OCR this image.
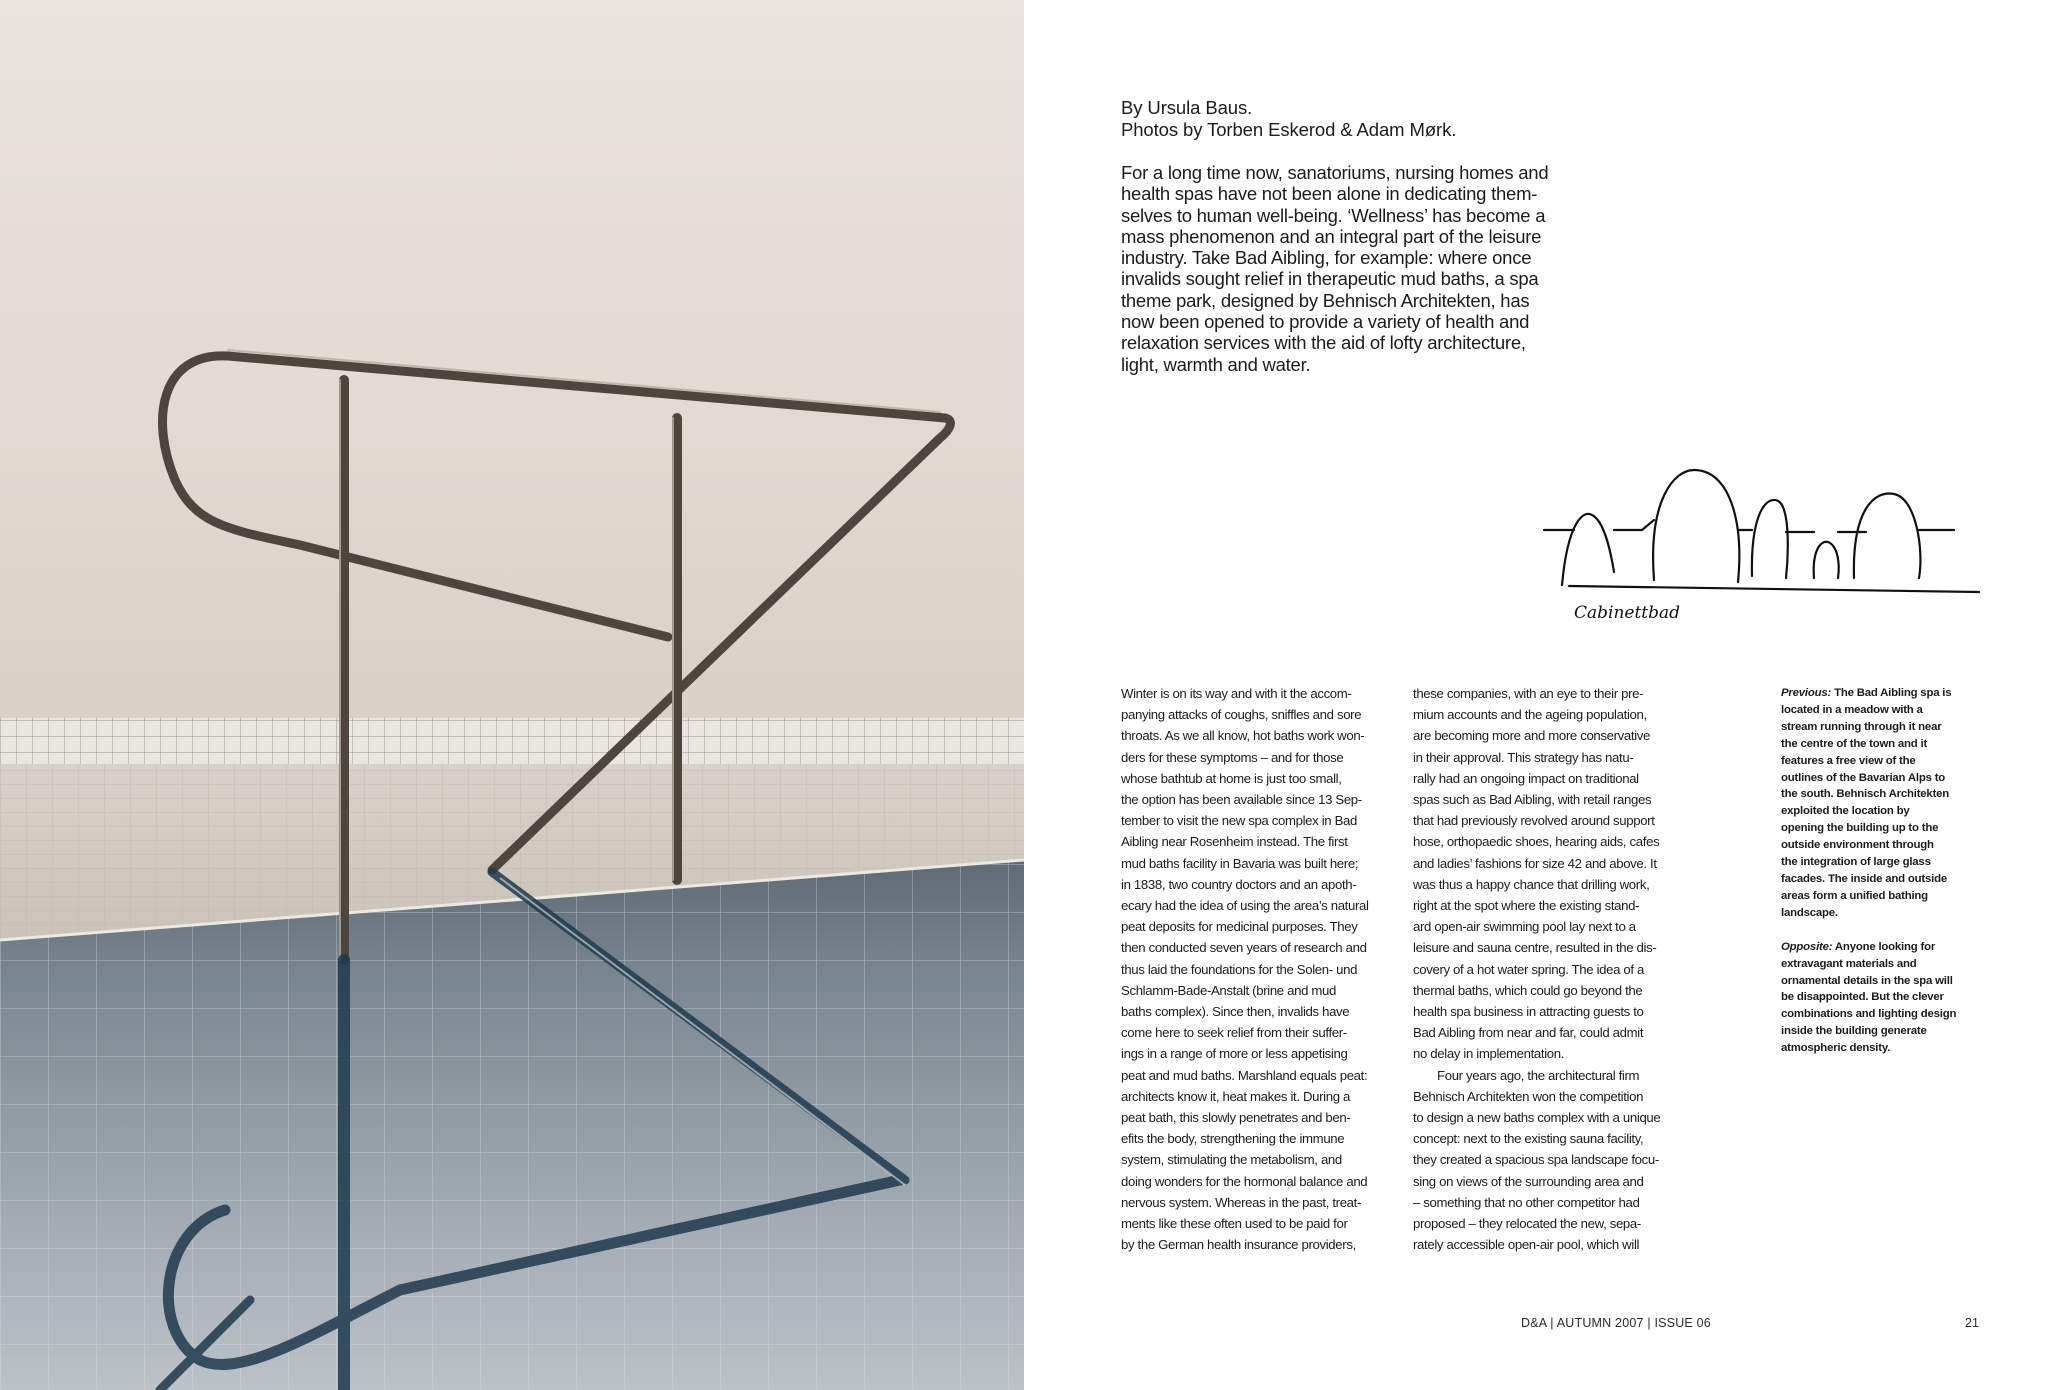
By Ursula Baus.
Photos by Torben Eskerod & Adam Mørk.
For a long time now, sanatoriums, nursing homes and
health spas have not been alone in dedicating them-
selves to human well-being. ‘Wellness’ has become a
mass phenomenon and an integral part of the leisure
industry. Take Bad Aibling, for example: where once
invalids sought relief in therapeutic mud baths, a spa
theme park, designed by Behnisch Architekten, has
now been opened to provide a variety of health and
relaxation services with the aid of lofty architecture,
light, warmth and water.
Cabinettbad
Winter is on its way and with it the accom-
panying attacks of coughs, sniffles and sore
throats. As we all know, hot baths work won-
ders for these symptoms – and for those
whose bathtub at home is just too small,
the option has been available since 13 Sep-
tember to visit the new spa complex in Bad
Aibling near Rosenheim instead. The first
mud baths facility in Bavaria was built here;
in 1838, two country doctors and an apoth-
ecary had the idea of using the area’s natural
peat deposits for medicinal purposes. They
then conducted seven years of research and
thus laid the foundations for the Solen- und
Schlamm-Bade-Anstalt (brine and mud
baths complex). Since then, invalids have
come here to seek relief from their suffer-
ings in a range of more or less appetising
peat and mud baths. Marshland equals peat:
architects know it, heat makes it. During a
peat bath, this slowly penetrates and ben-
efits the body, strengthening the immune
system, stimulating the metabolism, and
doing wonders for the hormonal balance and
nervous system. Whereas in the past, treat-
ments like these often used to be paid for
by the German health insurance providers,
these companies, with an eye to their pre-
mium accounts and the ageing population,
are becoming more and more conservative
in their approval. This strategy has natu-
rally had an ongoing impact on traditional
spas such as Bad Aibling, with retail ranges
that had previously revolved around support
hose, orthopaedic shoes, hearing aids, cafes
and ladies’ fashions for size 42 and above. It
was thus a happy chance that drilling work,
right at the spot where the existing stand-
ard open-air swimming pool lay next to a
leisure and sauna centre, resulted in the dis-
covery of a hot water spring. The idea of a
thermal baths, which could go beyond the
health spa business in attracting guests to
Bad Aibling from near and far, could admit
no delay in implementation.
Four years ago, the architectural firm
Behnisch Architekten won the competition
to design a new baths complex with a unique
concept: next to the existing sauna facility,
they created a spacious spa landscape focu-
sing on views of the surrounding area and
– something that no other competitor had
proposed – they relocated the new, sepa-
rately accessible open-air pool, which will
Previous: The Bad Aibling spa is
located in a meadow with a
stream running through it near
the centre of the town and it
features a free view of the
outlines of the Bavarian Alps to
the south. Behnisch Architekten
exploited the location by
opening the building up to the
outside environment through
the integration of large glass
facades. The inside and outside
areas form a unified bathing
landscape.
Opposite: Anyone looking for
extravagant materials and
ornamental details in the spa will
be disappointed. But the clever
combinations and lighting design
inside the building generate
atmospheric density.
D&A | AUTUMN 2007 | ISSUE 06	21
